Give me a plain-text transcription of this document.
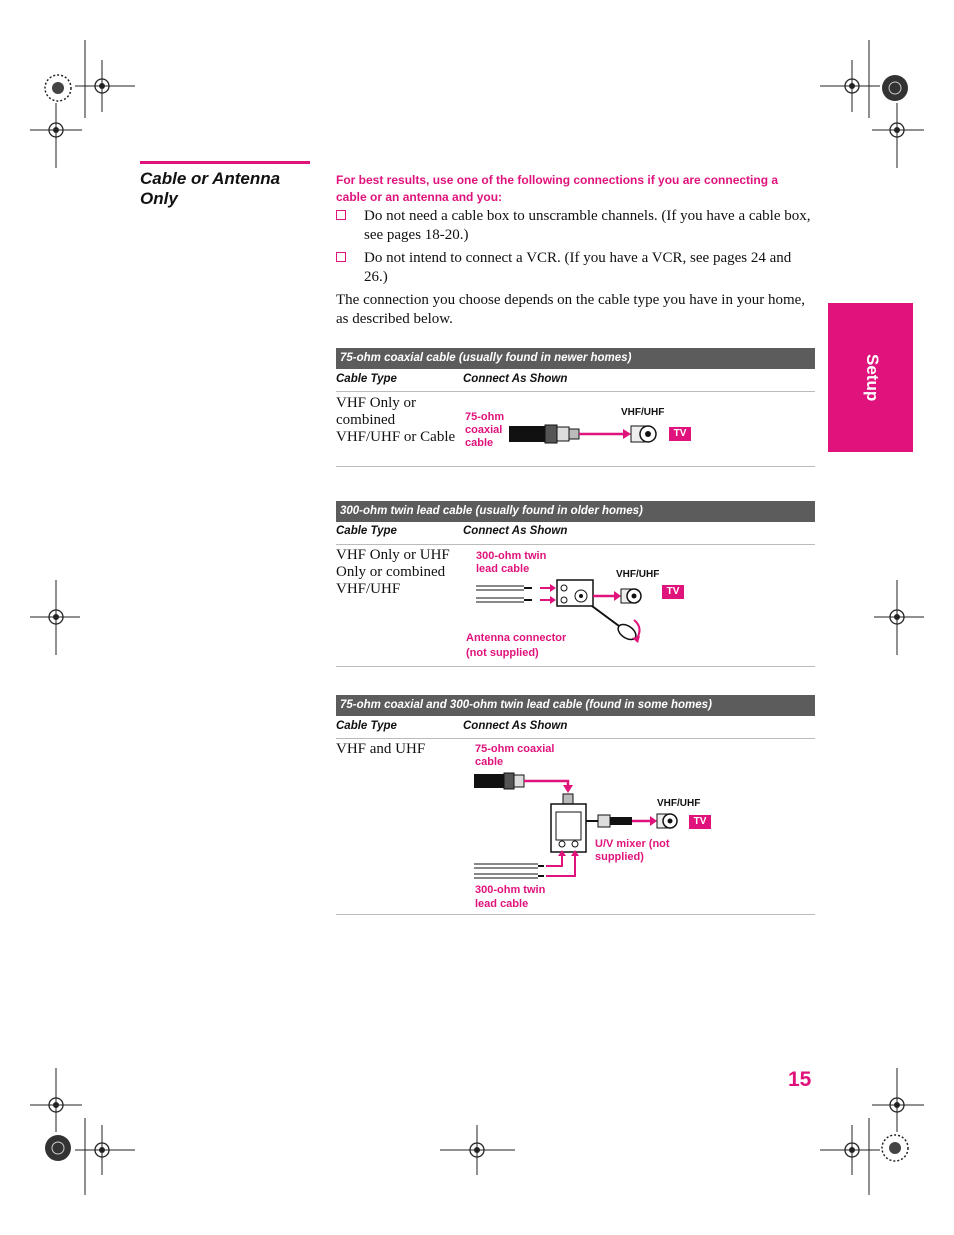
Cable or Antenna Only
For best results, use one of the following connections if you are connecting a cable or an antenna and you:
Do not need a cable box to unscramble channels. (If you have a cable box, see pages 18-20.)
Do not intend to connect a VCR. (If you have a VCR, see pages 24 and 26.)
The connection you choose depends on the cable type you have in your home, as described below.
Setup
75-ohm coaxial cable (usually found in newer homes)
Cable Type	Connect As Shown
VHF Only or combined VHF/UHF or Cable
75-ohm coaxial cable
VHF/UHF
TV
300-ohm twin lead cable (usually found in older homes)
Cable Type	Connect As Shown
VHF Only or UHF Only or combined VHF/UHF
300-ohm twin lead cable	VHF/UHF
TV
Antenna connector (not supplied)
75-ohm coaxial and 300-ohm twin lead cable (found in some homes)
Cable Type	Connect As Shown
VHF and UHF	75-ohm coaxial cable
VHF/UHF
TV
U/V mixer (not supplied)
300-ohm twin lead cable
15
